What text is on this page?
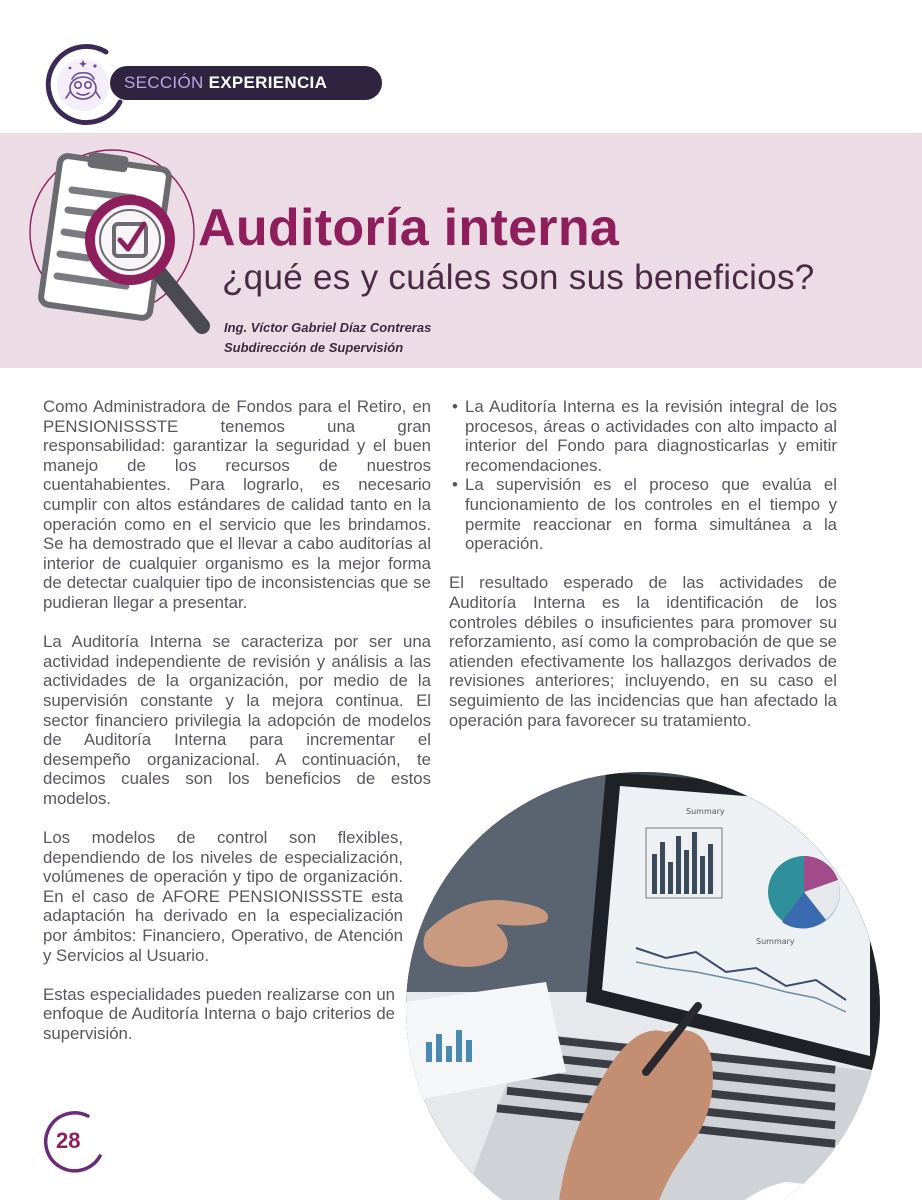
SECCIÓN EXPERIENCIA
Auditoría interna
¿qué es y cuáles son sus beneficios?
Ing. Víctor Gabriel Díaz Contreras
Subdirección de Supervisión

Como Administradora de Fondos para el Retiro, en PENSIONISSSTE tenemos una gran responsabilidad: garantizar la seguridad y el buen manejo de los recursos de nuestros cuentahabientes. Para lograrlo, es necesario cumplir con altos estándares de calidad tanto en la operación como en el servicio que les brindamos. Se ha demostrado que el llevar a cabo auditorías al interior de cualquier organismo es la mejor forma de detectar cualquier tipo de inconsistencias que se pudieran llegar a presentar.

La Auditoría Interna se caracteriza por ser una actividad independiente de revisión y análisis a las actividades de la organización, por medio de la supervisión constante y la mejora continua. El sector financiero privilegia la adopción de modelos de Auditoría Interna para incrementar el desempeño organizacional. A continuación, te decimos cuales son los beneficios de estos modelos.

Los modelos de control son flexibles, dependiendo de los niveles de especialización, volúmenes de operación y tipo de organización. En el caso de AFORE PENSIONISSSTE esta adaptación ha derivado en la especialización por ámbitos: Financiero, Operativo, de Atención y Servicios al Usuario.

Estas especialidades pueden realizarse con un enfoque de Auditoría Interna o bajo criterios de supervisión.

• La Auditoría Interna es la revisión integral de los procesos, áreas o actividades con alto impacto al interior del Fondo para diagnosticarlas y emitir recomendaciones.
• La supervisión es el proceso que evalúa el funcionamiento de los controles en el tiempo y permite reaccionar en forma simultánea a la operación.

El resultado esperado de las actividades de Auditoría Interna es la identificación de los controles débiles o insuficientes para promover su reforzamiento, así como la comprobación de que se atienden efectivamente los hallazgos derivados de revisiones anteriores; incluyendo, en su caso el seguimiento de las incidencias que han afectado la operación para favorecer su tratamiento.

Summary
Summary
28
